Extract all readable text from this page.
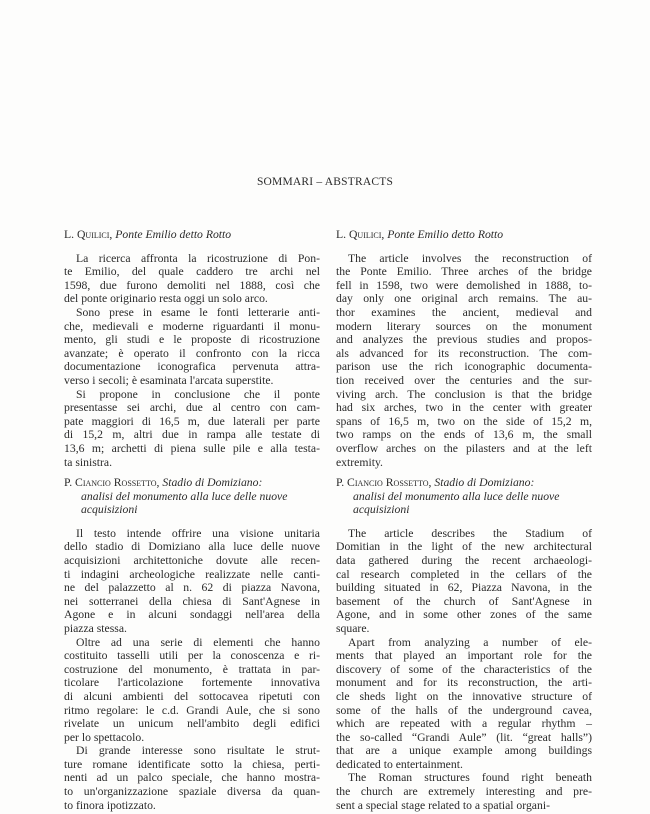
SOMMARI – ABSTRACTS
L. Quilici, Ponte Emilio detto Rotto
La ricerca affronta la ricostruzione di Pon-
te Emilio, del quale caddero tre archi nel
1598, due furono demoliti nel 1888, così che
del ponte originario resta oggi un solo arco.
Sono prese in esame le fonti letterarie anti-
che, medievali e moderne riguardanti il monu-
mento, gli studi e le proposte di ricostruzione
avanzate; è operato il confronto con la ricca
documentazione iconografica pervenuta attra-
verso i secoli; è esaminata l'arcata superstite.
Si propone in conclusione che il ponte
presentasse sei archi, due al centro con cam-
pate maggiori di 16,5 m, due laterali per parte
di 15,2 m, altri due in rampa alle testate di
13,6 m; archetti di piena sulle pile e alla testa-
ta sinistra.
P. Ciancio Rossetto, Stadio di Domiziano:
analisi del monumento alla luce delle nuove
acquisizioni
Il testo intende offrire una visione unitaria
dello stadio di Domiziano alla luce delle nuove
acquisizioni architettoniche dovute alle recen-
ti indagini archeologiche realizzate nelle canti-
ne del palazzetto al n. 62 di piazza Navona,
nei sotterranei della chiesa di Sant'Agnese in
Agone e in alcuni sondaggi nell'area della
piazza stessa.
Oltre ad una serie di elementi che hanno
costituito tasselli utili per la conoscenza e ri-
costruzione del monumento, è trattata in par-
ticolare l'articolazione fortemente innovativa
di alcuni ambienti del sottocavea ripetuti con
ritmo regolare: le c.d. Grandi Aule, che si sono
rivelate un unicum nell'ambito degli edifici
per lo spettacolo.
Di grande interesse sono risultate le strut-
ture romane identificate sotto la chiesa, perti-
nenti ad un palco speciale, che hanno mostra-
to un'organizzazione spaziale diversa da quan-
to finora ipotizzato.
L. Quilici, Ponte Emilio detto Rotto
The article involves the reconstruction of
the Ponte Emilio. Three arches of the bridge
fell in 1598, two were demolished in 1888, to-
day only one original arch remains. The au-
thor examines the ancient, medieval and
modern literary sources on the monument
and analyzes the previous studies and propos-
als advanced for its reconstruction. The com-
parison use the rich iconographic documenta-
tion received over the centuries and the sur-
viving arch. The conclusion is that the bridge
had six arches, two in the center with greater
spans of 16,5 m, two on the side of 15,2 m,
two ramps on the ends of 13,6 m, the small
overflow arches on the pilasters and at the left
extremity.
P. Ciancio Rossetto, Stadio di Domiziano:
analisi del monumento alla luce delle nuove
acquisizioni
The article describes the Stadium of
Domitian in the light of the new architectural
data gathered during the recent archaeologi-
cal research completed in the cellars of the
building situated in 62, Piazza Navona, in the
basement of the church of Sant'Agnese in
Agone, and in some other zones of the same
square.
Apart from analyzing a number of ele-
ments that played an important role for the
discovery of some of the characteristics of the
monument and for its reconstruction, the arti-
cle sheds light on the innovative structure of
some of the halls of the underground cavea,
which are repeated with a regular rhythm –
the so-called “Grandi Aule” (lit. “great halls”)
that are a unique example among buildings
dedicated to entertainment.
The Roman structures found right beneath
the church are extremely interesting and pre-
sent a special stage related to a spatial organi-
